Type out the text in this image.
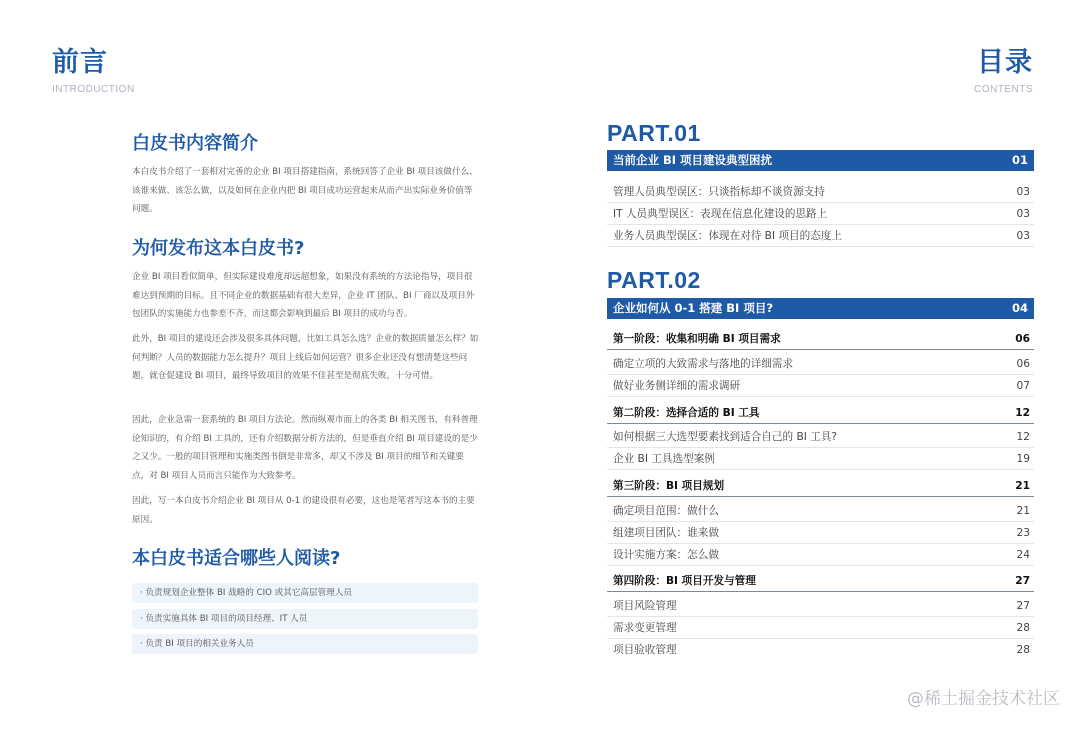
前言
INTRODUCTION
目录
CONTENTS
白皮书内容简介
本白皮书介绍了一套相对完善的企业 BI 项目搭建指南，系统回答了企业 BI 项目该做什么、该谁来做、该怎么做，以及如何在企业内把 BI 项目成功运营起来从而产出实际业务价值等问题。
为何发布这本白皮书?
企业 BI 项目看似简单，但实际建设难度却远超想象，如果没有系统的方法论指导，项目很难达到预期的目标。且不同企业的数据基础有很大差异，企业 IT 团队、BI 厂商以及项目外包团队的实施能力也参差不齐，而这都会影响到最后 BI 项目的成功与否。
此外，BI 项目的建设还会涉及很多具体问题，比如工具怎么选？企业的数据质量怎么样？如何判断？人员的数据能力怎么提升？项目上线后如何运营？很多企业还没有想清楚这些问题，就仓促建设 BI 项目，最终导致项目的效果不佳甚至是彻底失败，十分可惜。
因此，企业急需一套系统的 BI 项目方法论。然而纵观市面上的各类 BI 相关图书，有科普理论知识的，有介绍 BI 工具的，还有介绍数据分析方法的，但是垂直介绍 BI 项目建设的是少之又少。一般的项目管理和实施类图书倒是非常多，却又不涉及 BI 项目的细节和关键要点，对 BI 项目人员而言只能作为大致参考。
因此，写一本白皮书介绍企业 BI 项目从 0-1 的建设很有必要，这也是笔者写这本书的主要原因。
本白皮书适合哪些人阅读?
· 负责规划企业整体 BI 战略的 CIO 或其它高层管理人员
· 负责实施具体 BI 项目的项目经理、IT 人员
· 负责 BI 项目的相关业务人员
PART.01
当前企业 BI 项目建设典型困扰	01
管理人员典型误区：只谈指标却不谈资源支持	03
IT 人员典型误区：表现在信息化建设的思路上	03
业务人员典型误区：体现在对待 BI 项目的态度上	03
PART.02
企业如何从 0-1 搭建 BI 项目?	04
第一阶段：收集和明确 BI 项目需求	06
确定立项的大致需求与落地的详细需求	06
做好业务侧详细的需求调研	07
第二阶段：选择合适的 BI 工具	12
如何根据三大选型要素找到适合自己的 BI 工具?	12
企业 BI 工具选型案例	19
第三阶段：BI 项目规划	21
确定项目范围：做什么	21
组建项目团队：谁来做	23
设计实施方案：怎么做	24
第四阶段：BI 项目开发与管理	27
项目风险管理	27
需求变更管理	28
项目验收管理	28
@稀土掘金技术社区
